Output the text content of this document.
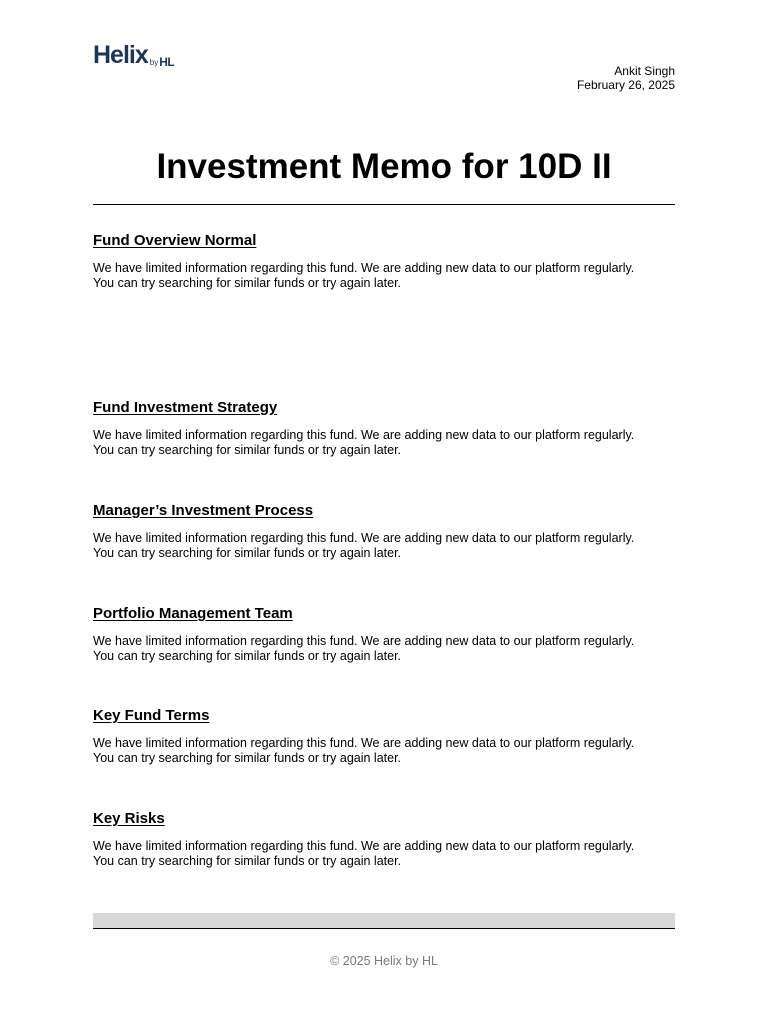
Helix by HL
Ankit Singh
February 26, 2025
Investment Memo for 10D II
Fund Overview Normal

We have limited information regarding this fund. We are adding new data to our platform regularly.
You can try searching for similar funds or try again later.

Fund Investment Strategy

We have limited information regarding this fund. We are adding new data to our platform regularly.
You can try searching for similar funds or try again later.

Manager’s Investment Process

We have limited information regarding this fund. We are adding new data to our platform regularly.
You can try searching for similar funds or try again later.

Portfolio Management Team

We have limited information regarding this fund. We are adding new data to our platform regularly.
You can try searching for similar funds or try again later.

Key Fund Terms

We have limited information regarding this fund. We are adding new data to our platform regularly.
You can try searching for similar funds or try again later.

Key Risks

We have limited information regarding this fund. We are adding new data to our platform regularly.
You can try searching for similar funds or try again later.

© 2025 Helix by HL
